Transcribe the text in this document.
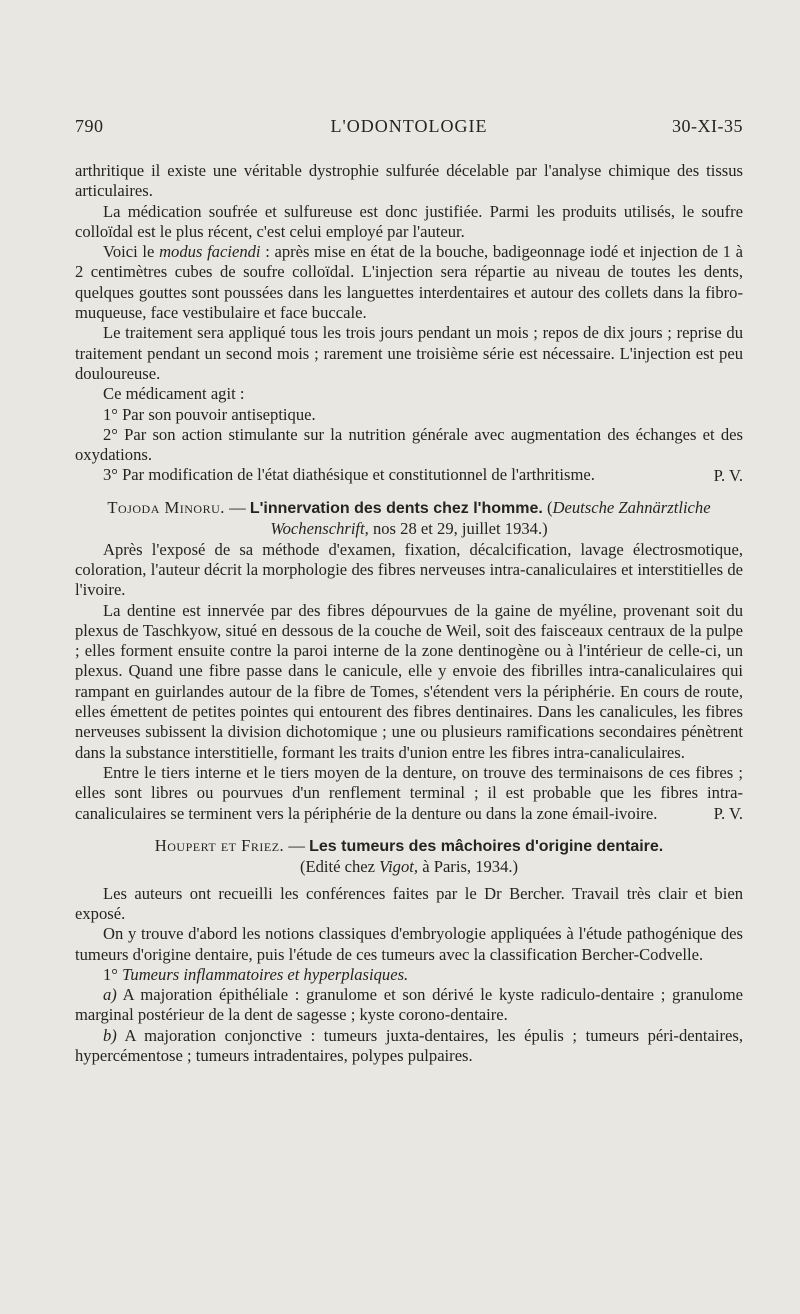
790	L'ODONTOLOGIE	30-XI-35

arthritique il existe une véritable dystrophie sulfurée décelable par l'analyse chimique des tissus articulaires.

La médication soufrée et sulfureuse est donc justifiée. Parmi les produits utilisés, le soufre colloïdal est le plus récent, c'est celui employé par l'auteur.

Voici le modus faciendi : après mise en état de la bouche, badigeonnage iodé et injection de 1 à 2 centimètres cubes de soufre colloïdal. L'injection sera répartie au niveau de toutes les dents, quelques gouttes sont poussées dans les languettes interdentaires et autour des collets dans la fibro-muqueuse, face vestibulaire et face buccale.

Le traitement sera appliqué tous les trois jours pendant un mois ; repos de dix jours ; reprise du traitement pendant un second mois ; rarement une troisième série est nécessaire. L'injection est peu douloureuse.

Ce médicament agit :

1° Par son pouvoir antiseptique.

2° Par son action stimulante sur la nutrition générale avec augmentation des échanges et des oxydations.

3° Par modification de l'état diathésique et constitutionnel de l'arthritisme.	P. V.

Tojoda Minoru. — L'innervation des dents chez l'homme. (Deutsche Zahnärztliche Wochenschrift, nos 28 et 29, juillet 1934.)

Après l'exposé de sa méthode d'examen, fixation, décalcification, lavage électrosmotique, coloration, l'auteur décrit la morphologie des fibres nerveuses intra-canaliculaires et interstitielles de l'ivoire.

La dentine est innervée par des fibres dépourvues de la gaine de myéline, provenant soit du plexus de Taschkyow, situé en dessous de la couche de Weil, soit des faisceaux centraux de la pulpe ; elles forment ensuite contre la paroi interne de la zone dentinogène ou à l'intérieur de celle-ci, un plexus. Quand une fibre passe dans le canicule, elle y envoie des fibrilles intra-canaliculaires qui rampant en guirlandes autour de la fibre de Tomes, s'étendent vers la périphérie. En cours de route, elles émettent de petites pointes qui entourent des fibres dentinaires. Dans les canalicules, les fibres nerveuses subissent la division dichotomique ; une ou plusieurs ramifications secondaires pénètrent dans la substance interstitielle, formant les traits d'union entre les fibres intra-canaliculaires.

Entre le tiers interne et le tiers moyen de la denture, on trouve des terminaisons de ces fibres ; elles sont libres ou pourvues d'un renflement terminal ; il est probable que les fibres intra-canaliculaires se terminent vers la périphérie de la denture ou dans la zone émail-ivoire.	P. V.

Houpert et Friez. — Les tumeurs des mâchoires d'origine dentaire.

(Edité chez Vigot, à Paris, 1934.)

Les auteurs ont recueilli les conférences faites par le Dr Bercher. Travail très clair et bien exposé.

On y trouve d'abord les notions classiques d'embryologie appliquées à l'étude pathogénique des tumeurs d'origine dentaire, puis l'étude de ces tumeurs avec la classification Bercher-Codvelle.

1° Tumeurs inflammatoires et hyperplasiques.

a) A majoration épithéliale : granulome et son dérivé le kyste radiculo-dentaire ; granulome marginal postérieur de la dent de sagesse ; kyste corono-dentaire.

b) A majoration conjonctive : tumeurs juxta-dentaires, les épulis ; tumeurs péri-dentaires, hypercémentose ; tumeurs intradentaires, polypes pulpaires.
